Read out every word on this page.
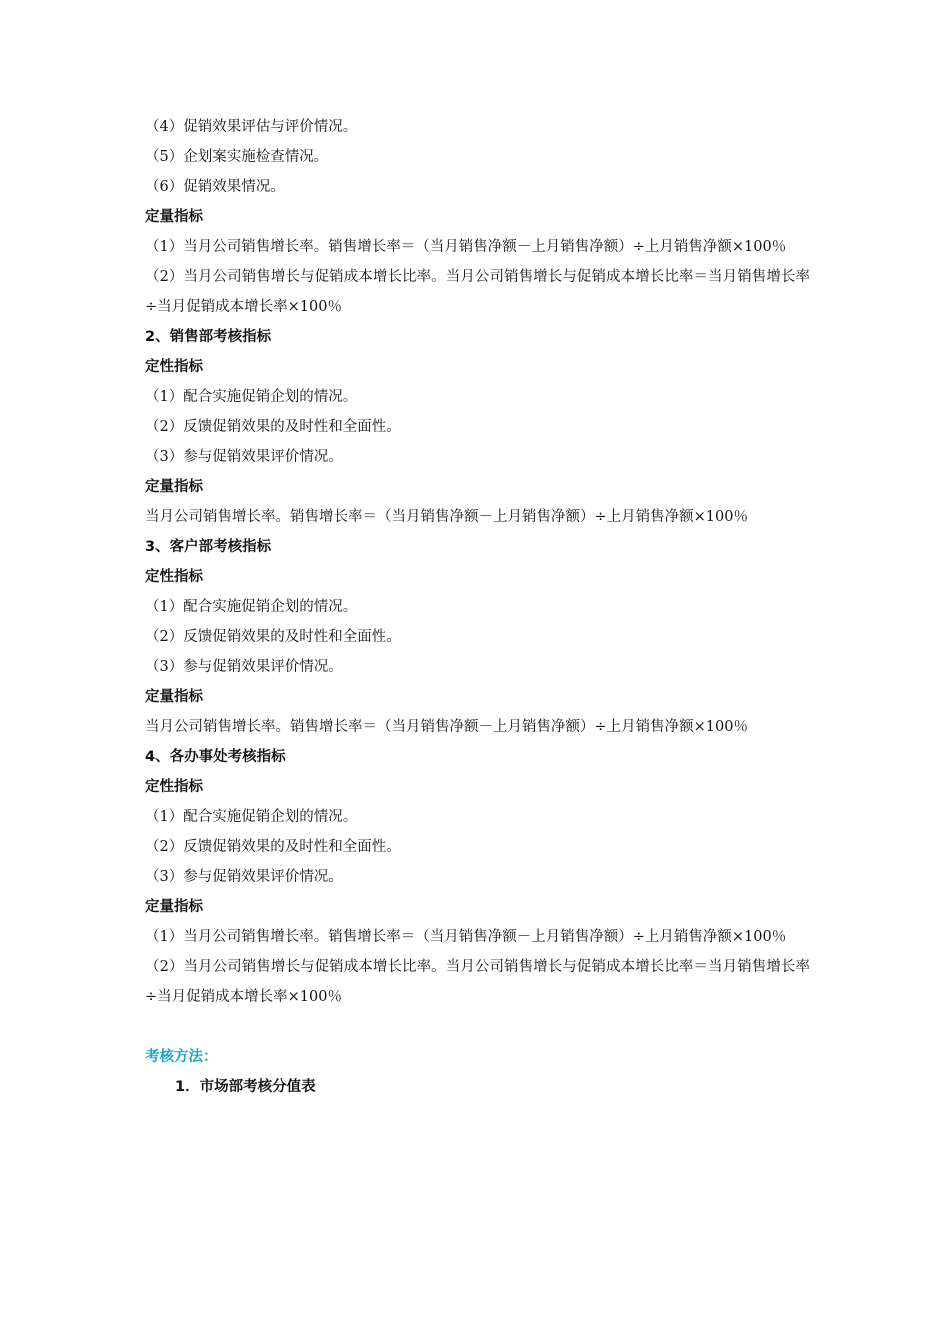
（4）促销效果评估与评价情况。
（5）企划案实施检查情况。
（6）促销效果情况。
定量指标
（1）当月公司销售增长率。销售增长率＝（当月销售净额－上月销售净额）÷上月销售净额×100％
（2）当月公司销售增长与促销成本增长比率。当月公司销售增长与促销成本增长比率＝当月销售增长率÷当月促销成本增长率×100％
2、销售部考核指标
定性指标
（1）配合实施促销企划的情况。
（2）反馈促销效果的及时性和全面性。
（3）参与促销效果评价情况。
定量指标
当月公司销售增长率。销售增长率＝（当月销售净额－上月销售净额）÷上月销售净额×100％
3、客户部考核指标
定性指标
（1）配合实施促销企划的情况。
（2）反馈促销效果的及时性和全面性。
（3）参与促销效果评价情况。
定量指标
当月公司销售增长率。销售增长率＝（当月销售净额－上月销售净额）÷上月销售净额×100％
4、各办事处考核指标
定性指标
（1）配合实施促销企划的情况。
（2）反馈促销效果的及时性和全面性。
（3）参与促销效果评价情况。
定量指标
（1）当月公司销售增长率。销售增长率＝（当月销售净额－上月销售净额）÷上月销售净额×100％
（2）当月公司销售增长与促销成本增长比率。当月公司销售增长与促销成本增长比率＝当月销售增长率÷当月促销成本增长率×100％
考核方法：
1．市场部考核分值表
